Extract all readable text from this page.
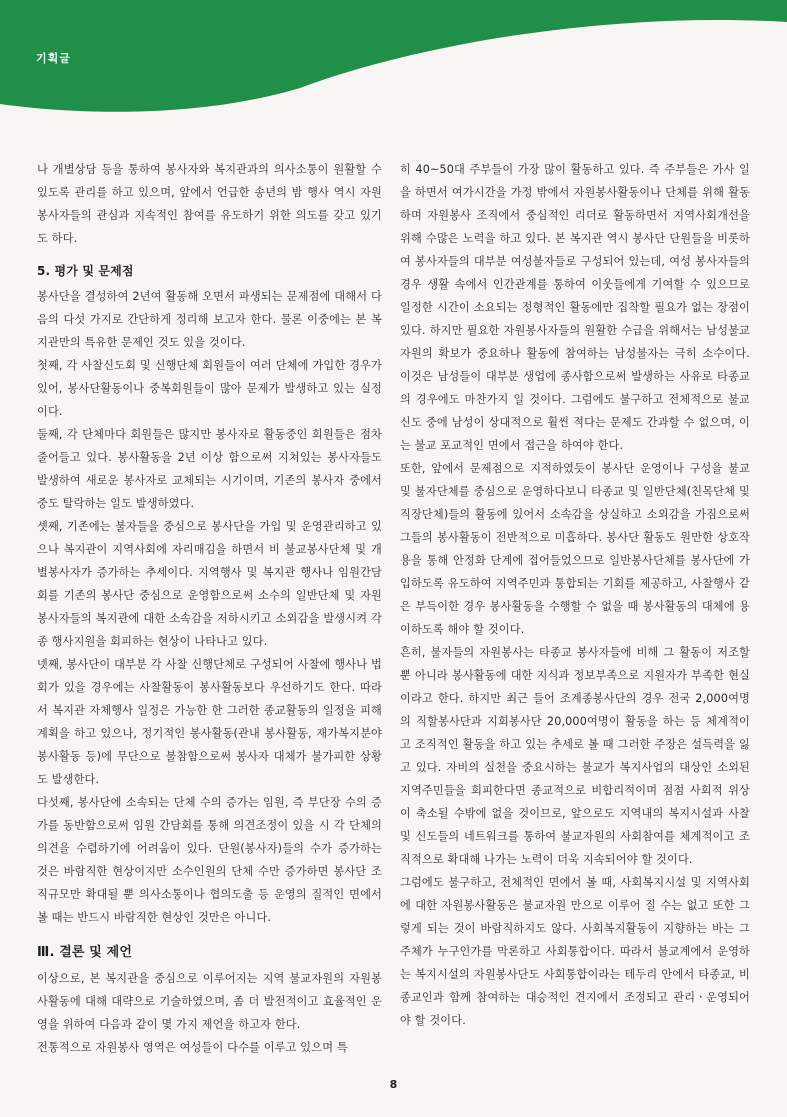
기획글

나 개별상담 등을 통하여 봉사자와 복지관과의 의사소통이 원활할 수 있도록 관리를 하고 있으며, 앞에서 언급한 송년의 밤 행사 역시 자원봉사자들의 관심과 지속적인 참여를 유도하기 위한 의도를 갖고 있기도 하다.

5. 평가 및 문제점

봉사단을 결성하여 2년여 활동해 오면서 파생되는 문제점에 대해서 다음의 다섯 가지로 간단하게 정리해 보고자 한다. 물론 이중에는 본 복지관만의 특유한 문제인 것도 있을 것이다.

첫째, 각 사찰신도회 및 신행단체 회원들이 여러 단체에 가입한 경우가 있어, 봉사단활동이나 중복회원들이 많아 문제가 발생하고 있는 실정이다.

둘째, 각 단체마다 회원들은 많지만 봉사자로 활동중인 회원들은 점차 줄어들고 있다. 봉사활동을 2년 이상 함으로써 지쳐있는 봉사자들도 발생하여 새로운 봉사자로 교체되는 시기이며, 기존의 봉사자 중에서 중도 탈락하는 일도 발생하였다.

셋째, 기존에는 불자들을 중심으로 봉사단을 가입 및 운영관리하고 있으나 복지관이 지역사회에 자리매김을 하면서 비 불교봉사단체 및 개별봉사자가 증가하는 추세이다. 지역행사 및 복지관 행사나 임원간담회를 기존의 봉사단 중심으로 운영함으로써 소수의 일반단체 및 자원봉사자들의 복지관에 대한 소속감을 저하시키고 소외감을 발생시켜 각종 행사지원을 회피하는 현상이 나타나고 있다.

넷째, 봉사단이 대부분 각 사찰 신행단체로 구성되어 사찰에 행사나 법회가 있을 경우에는 사찰활동이 봉사활동보다 우선하기도 한다. 따라서 복지관 자체행사 일정은 가능한 한 그러한 종교활동의 일정을 피해 계획을 하고 있으나, 정기적인 봉사활동(관내 봉사활동, 재가복지분야 봉사활동 등)에 무단으로 불참함으로써 봉사자 대체가 불가피한 상황도 발생한다.

다섯째, 봉사단에 소속되는 단체 수의 증가는 임원, 즉 부단장 수의 증가를 동반함으로써 임원 간담회를 통해 의견조정이 있을 시 각 단체의 의견을 수렴하기에 어려움이 있다. 단원(봉사자)들의 수가 증가하는 것은 바람직한 현상이지만 소수인원의 단체 수만 증가하면 봉사단 조직규모만 확대될 뿐 의사소통이나 협의도출 등 운영의 질적인 면에서 볼 때는 반드시 바람직한 현상인 것만은 아니다.

Ⅲ. 결론 및 제언

이상으로, 본 복지관을 중심으로 이루어지는 지역 불교자원의 자원봉사활동에 대해 대략으로 기술하였으며, 좀 더 발전적이고 효율적인 운영을 위하여 다음과 같이 몇 가지 제언을 하고자 한다.

전통적으로 자원봉사 영역은 여성들이 다수를 이루고 있으며 특

히 40~50대 주부들이 가장 많이 활동하고 있다. 즉 주부들은 가사 일을 하면서 여가시간을 가정 밖에서 자원봉사활동이나 단체를 위해 활동하며 자원봉사 조직에서 중심적인 리더로 활동하면서 지역사회개선을 위해 수많은 노력을 하고 있다. 본 복지관 역시 봉사단 단원들을 비롯하여 봉사자들의 대부분 여성불자들로 구성되어 있는데, 여성 봉사자들의 경우 생활 속에서 인간관계를 통하여 이웃들에게 기여할 수 있으므로 일정한 시간이 소요되는 정형적인 활동에만 집착할 필요가 없는 장점이 있다. 하지만 필요한 자원봉사자들의 원활한 수급을 위해서는 남성불교자원의 확보가 중요하나 활동에 참여하는 남성불자는 극히 소수이다. 이것은 남성들이 대부분 생업에 종사함으로써 발생하는 사유로 타종교의 경우에도 마찬가지 일 것이다. 그럼에도 불구하고 전체적으로 불교신도 중에 남성이 상대적으로 훨씬 적다는 문제도 간과할 수 없으며, 이는 불교 포교적인 면에서 접근을 하여야 한다.

또한, 앞에서 문제점으로 지적하였듯이 봉사단 운영이나 구성을 불교 및 불자단체를 중심으로 운영하다보니 타종교 및 일반단체(친목단체 및 직장단체)들의 활동에 있어서 소속감을 상실하고 소외감을 가짐으로써 그들의 봉사활동이 전반적으로 미흡하다. 봉사단 활동도 원만한 상호작용을 통해 안정화 단계에 접어들었으므로 일반봉사단체를 봉사단에 가입하도록 유도하여 지역주민과 통합되는 기회를 제공하고, 사찰행사 같은 부득이한 경우 봉사활동을 수행할 수 없을 때 봉사활동의 대체에 용이하도록 해야 할 것이다.

흔히, 불자들의 자원봉사는 타종교 봉사자들에 비해 그 활동이 저조할 뿐 아니라 봉사활동에 대한 지식과 정보부족으로 지원자가 부족한 현실이라고 한다. 하지만 최근 들어 조계종봉사단의 경우 전국 2,000여명의 직할봉사단과 지회봉사단 20,000여명이 활동을 하는 등 체계적이고 조직적인 활동을 하고 있는 추세로 볼 때 그러한 주장은 설득력을 잃고 있다. 자비의 실천을 중요시하는 불교가 복지사업의 대상인 소외된 지역주민들을 회피한다면 종교적으로 비합리적이며 점점 사회적 위상이 축소될 수밖에 없을 것이므로, 앞으로도 지역내의 복지시설과 사찰 및 신도들의 네트워크를 통하여 불교자원의 사회참여를 체계적이고 조직적으로 확대해 나가는 노력이 더욱 지속되어야 할 것이다.

그럼에도 불구하고, 전체적인 면에서 볼 때, 사회복지시설 및 지역사회에 대한 자원봉사활동은 불교자원 만으로 이루어 질 수는 없고 또한 그렇게 되는 것이 바람직하지도 않다. 사회복지활동이 지향하는 바는 그 주체가 누구인가를 막론하고 사회통합이다. 따라서 불교계에서 운영하는 복지시설의 자원봉사단도 사회통합이라는 테두리 안에서 타종교, 비종교인과 함께 참여하는 대승적인 견지에서 조정되고 관리ㆍ운영되어야 할 것이다.

8
